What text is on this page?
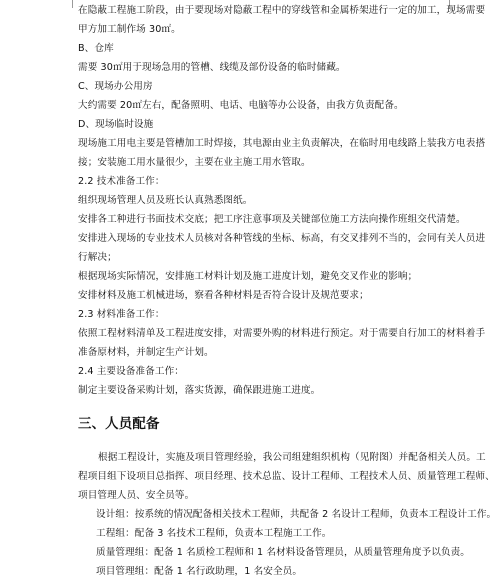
在隐蔽工程施工阶段，由于要现场对隐蔽工程中的穿线管和金属桥架进行一定的加工，现场需要
甲方加工制作场 30㎡。
B、仓库
需要 30㎡用于现场急用的管槽、线缆及部份设备的临时储藏。
C、现场办公用房
大约需要 20㎡左右，配备照明、电话、电脑等办公设备，由我方负责配备。
D、现场临时设施
现场施工用电主要是管槽加工时焊接，其电源由业主负责解决，在临时用电线路上装我方电表搭
接；安装施工用水量很少，主要在业主施工用水管取。
2.2 技术准备工作：
组织现场管理人员及班长认真熟悉图纸。
安排各工种进行书面技术交底；把工序注意事项及关键部位施工方法向操作班组交代清楚。
安排进入现场的专业技术人员核对各种管线的坐标、标高，有交叉排列不当的，会同有关人员进
行解决；
根据现场实际情况，安排施工材料计划及施工进度计划，避免交叉作业的影响；
安排材料及施工机械进场，察看各种材料是否符合设计及规范要求；
2.3 材料准备工作：
依照工程材料清单及工程进度安排，对需要外购的材料进行预定。对于需要自行加工的材料着手
准备原材料，并制定生产计划。
2.4 主要设备准备工作：
制定主要设备采购计划，落实货源，确保跟进施工进度。
三、人员配备
根据工程设计，实施及项目管理经验，我公司组建组织机构（见附图）并配备相关人员。工
程项目组下设项目总指挥、项目经理、技术总监、设计工程师、工程技术人员、质量管理工程师、
项目管理人员、安全员等。
设计组：按系统的情况配备相关技术工程师，共配备 2 名设计工程师，负责本工程设计工作。
工程组：配备 3 名技术工程师，负责本工程施工工作。
质量管理组：配备 1 名质检工程师和 1 名材料设备管理员，从质量管理角度予以负责。
项目管理组：配备 1 名行政助理，1 名安全员。
